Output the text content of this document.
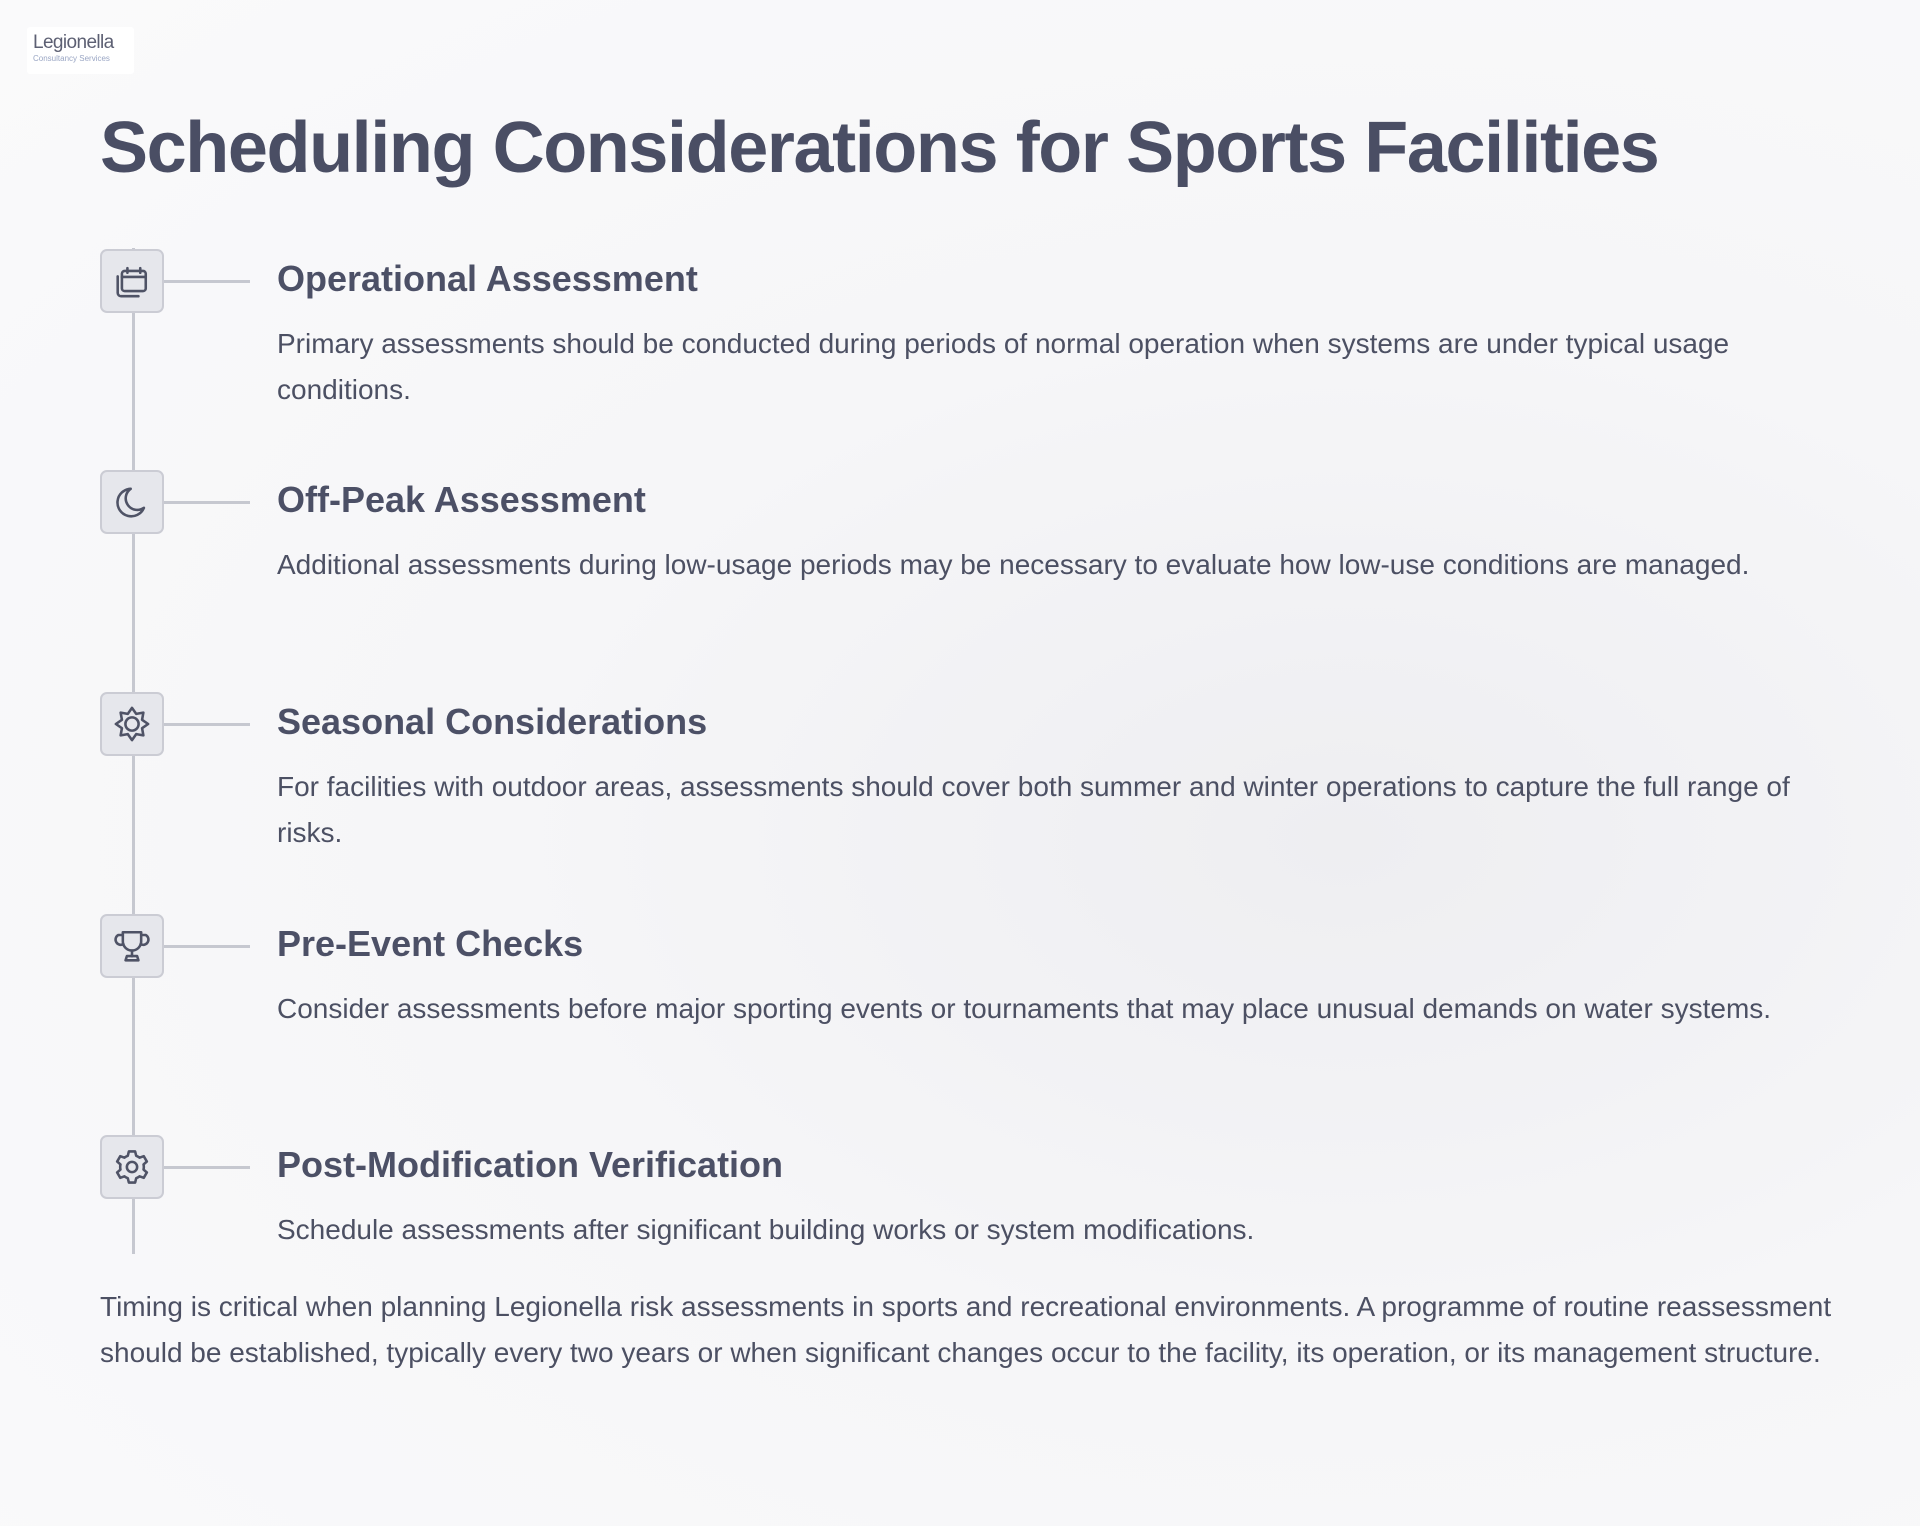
Legionella
Consultancy Services
Scheduling Considerations for Sports Facilities
Operational Assessment

Primary assessments should be conducted during periods of normal operation when systems are under typical usage conditions.

Off-Peak Assessment

Additional assessments during low-usage periods may be necessary to evaluate how low-use conditions are managed.

Seasonal Considerations

For facilities with outdoor areas, assessments should cover both summer and winter operations to capture the full range of risks.

Pre-Event Checks

Consider assessments before major sporting events or tournaments that may place unusual demands on water systems.

Post-Modification Verification

Schedule assessments after significant building works or system modifications.

Timing is critical when planning Legionella risk assessments in sports and recreational environments. A programme of routine reassessment should be established, typically every two years or when significant changes occur to the facility, its operation, or its management structure.
